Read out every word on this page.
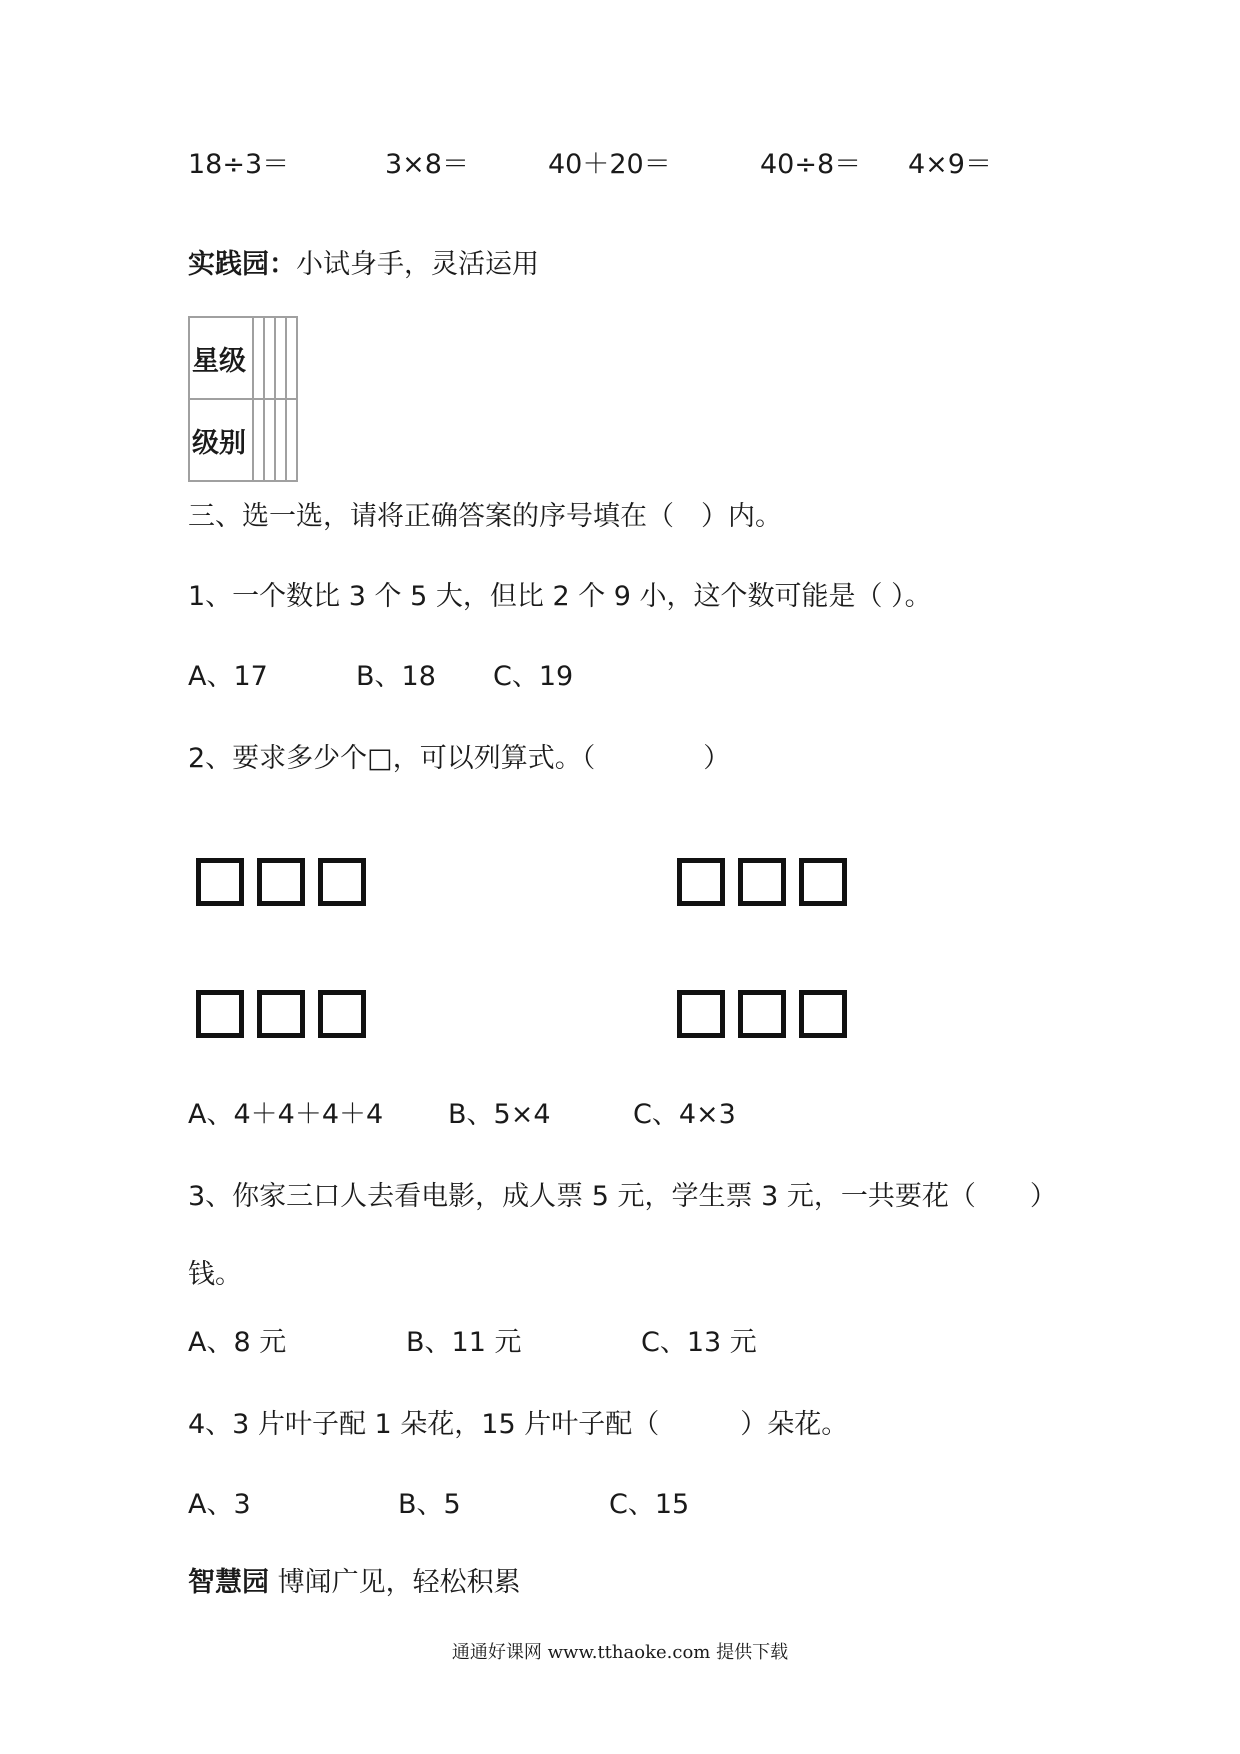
18÷3＝	3×8＝	40＋20＝	40÷8＝ 4×9＝
实践园：小试身手，灵活运用
星级				
级别				
三、选一选，请将正确答案的序号填在（　）内。
1、一个数比 3 个 5 大，但比 2 个 9 小，这个数可能是（ ）。
A、17	B、18 C、19
2、要求多少个□，可以列算式。（　　　　）
A、4＋4＋4＋4 B、5×4	C、4×3
3、你家三口人去看电影，成人票 5 元，学生票 3 元，一共要花（　　）
钱。
A、8 元	B、11 元	C、13 元
4、3 片叶子配 1 朵花，15 片叶子配（　　　）朵花。
A、3	B、5	C、15
智慧园 博闻广见，轻松积累
通通好课网 www.tthaoke.com 提供下载
